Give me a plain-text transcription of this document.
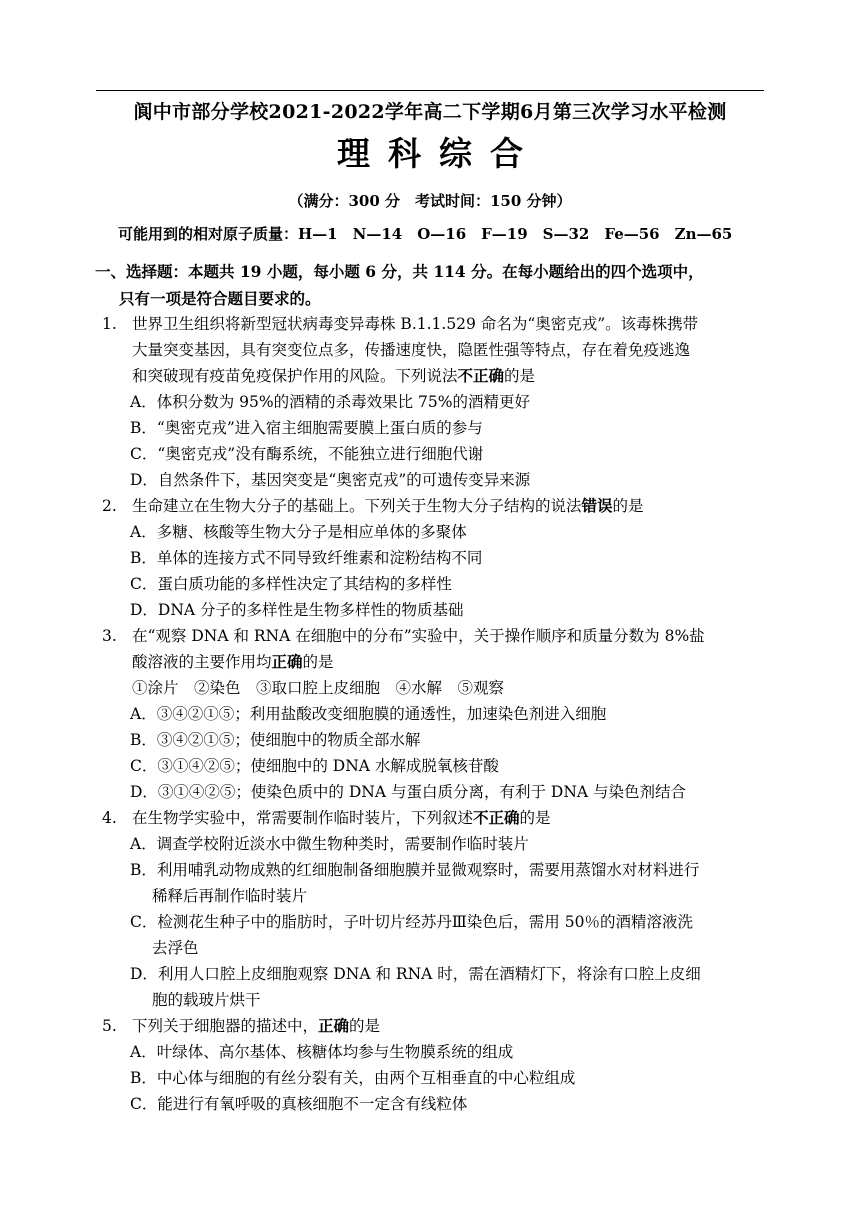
阆中市部分学校2021-2022学年高二下学期6月第三次学习水平检测
理科综合
（满分：300 分　考试时间：150 分钟）
可能用到的相对原子质量：H—1　N—14　O—16　F—19　S—32　Fe—56　Zn—65
一、选择题：本题共 19 小题，每小题 6 分，共 114 分。在每小题给出的四个选项中，
只有一项是符合题目要求的。
1. 世界卫生组织将新型冠状病毒变异毒株 B.1.1.529 命名为“奥密克戎”。该毒株携带
大量突变基因，具有突变位点多，传播速度快，隐匿性强等特点，存在着免疫逃逸
和突破现有疫苗免疫保护作用的风险。下列说法不正确的是
A．体积分数为 95%的酒精的杀毒效果比 75%的酒精更好
B．“奥密克戎”进入宿主细胞需要膜上蛋白质的参与
C．“奥密克戎”没有酶系统，不能独立进行细胞代谢
D．自然条件下，基因突变是“奥密克戎”的可遗传变异来源
2. 生命建立在生物大分子的基础上。下列关于生物大分子结构的说法错误的是
A．多糖、核酸等生物大分子是相应单体的多聚体
B．单体的连接方式不同导致纤维素和淀粉结构不同
C．蛋白质功能的多样性决定了其结构的多样性
D．DNA 分子的多样性是生物多样性的物质基础
3. 在“观察 DNA 和 RNA 在细胞中的分布”实验中，关于操作顺序和质量分数为 8%盐
酸溶液的主要作用均正确的是
①涂片　②染色　③取口腔上皮细胞　④水解　⑤观察
A．③④②①⑤；利用盐酸改变细胞膜的通透性，加速染色剂进入细胞
B．③④②①⑤；使细胞中的物质全部水解
C．③①④②⑤；使细胞中的 DNA 水解成脱氧核苷酸
D．③①④②⑤；使染色质中的 DNA 与蛋白质分离，有利于 DNA 与染色剂结合
4. 在生物学实验中，常需要制作临时装片，下列叙述不正确的是
A．调查学校附近淡水中微生物种类时，需要制作临时装片
B．利用哺乳动物成熟的红细胞制备细胞膜并显微观察时，需要用蒸馏水对材料进行
稀释后再制作临时装片
C．检测花生种子中的脂肪时，子叶切片经苏丹Ⅲ染色后，需用 50％的酒精溶液洗
去浮色
D．利用人口腔上皮细胞观察 DNA 和 RNA 时，需在酒精灯下，将涂有口腔上皮细
胞的载玻片烘干
5. 下列关于细胞器的描述中，正确的是
A．叶绿体、高尔基体、核糖体均参与生物膜系统的组成
B．中心体与细胞的有丝分裂有关，由两个互相垂直的中心粒组成
C．能进行有氧呼吸的真核细胞不一定含有线粒体
